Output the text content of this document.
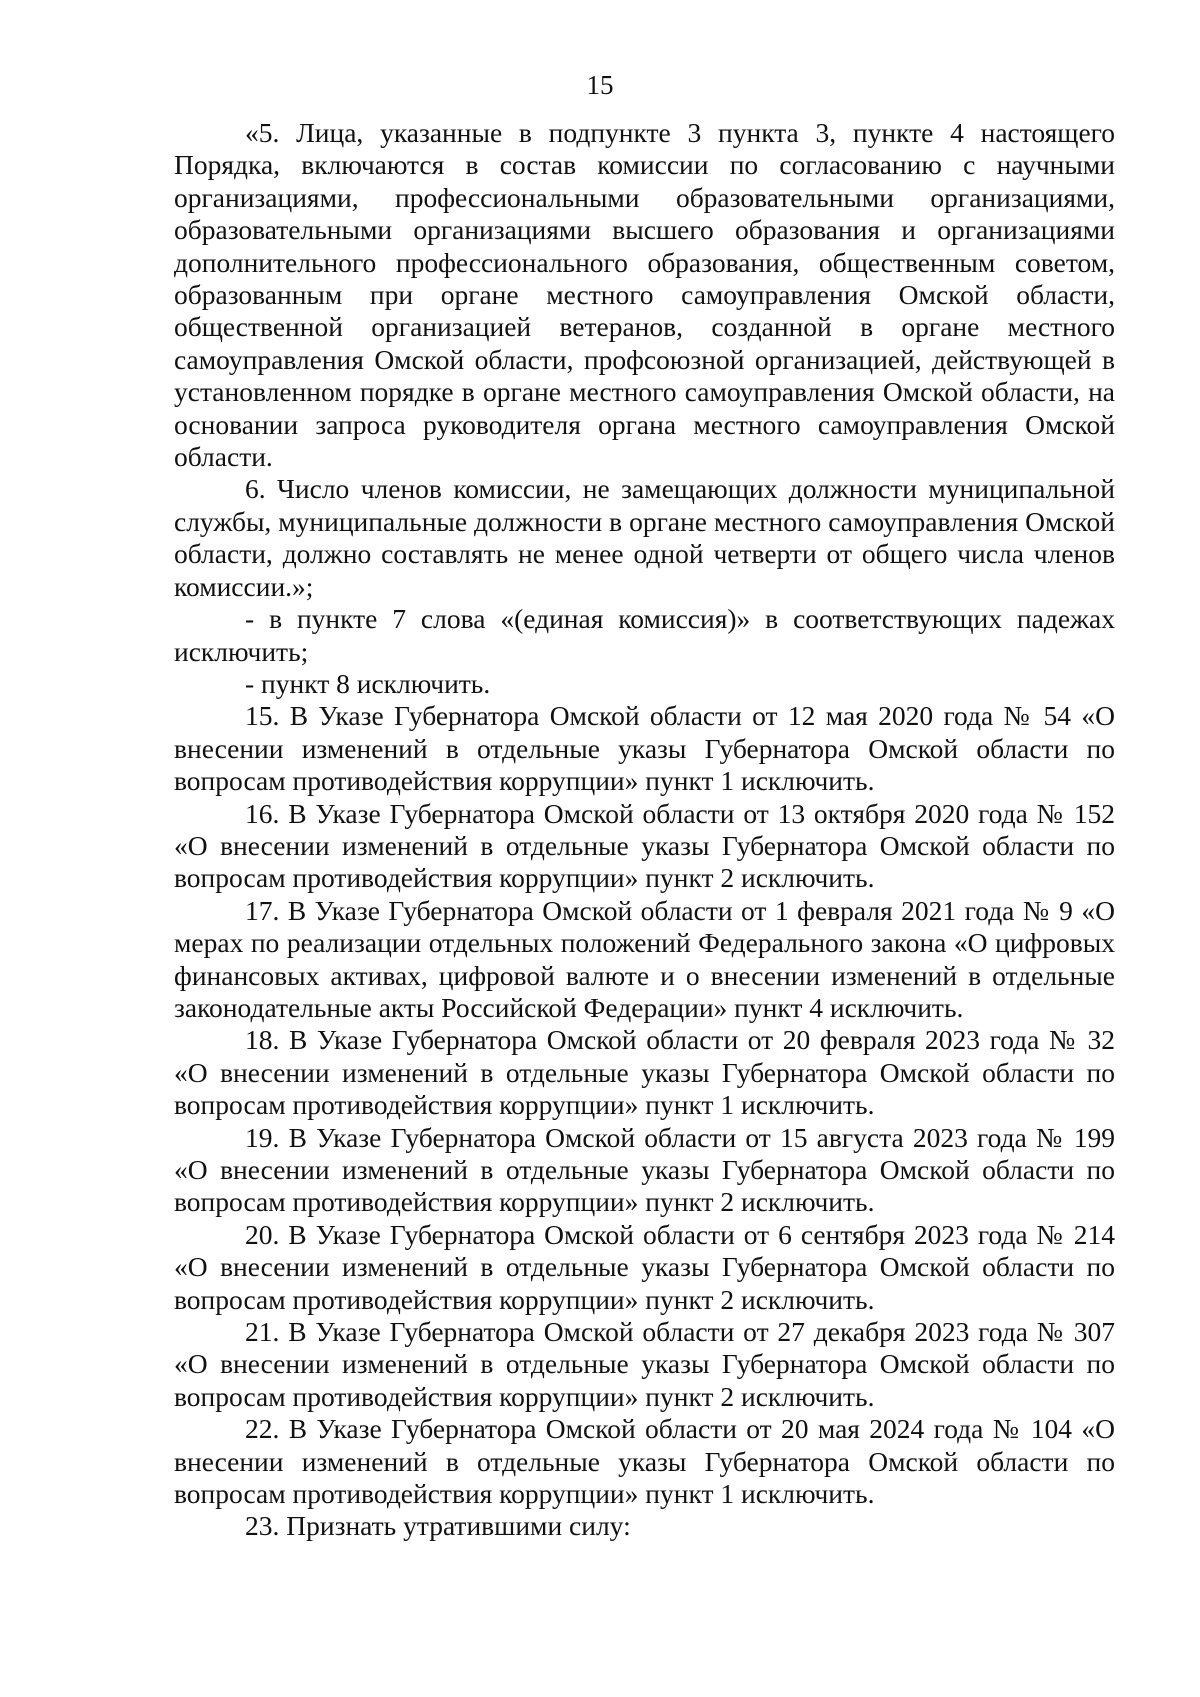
15

«5. Лица, указанные в подпункте 3 пункта 3, пункте 4 настоящего Порядка, включаются в состав комиссии по согласованию с научными организациями, профессиональными образовательными организациями, образовательными организациями высшего образования и организациями дополнительного профессионального образования, общественным советом, образованным при органе местного самоуправления Омской области, общественной организацией ветеранов, созданной в органе местного самоуправления Омской области, профсоюзной организацией, действующей в установленном порядке в органе местного самоуправления Омской области, на основании запроса руководителя органа местного самоуправления Омской области.

6. Число членов комиссии, не замещающих должности муниципальной службы, муниципальные должности в органе местного самоуправления Омской области, должно составлять не менее одной четверти от общего числа членов комиссии.»;

- в пункте 7 слова «(единая комиссия)» в соответствующих падежах исключить;

- пункт 8 исключить.

15. В Указе Губернатора Омской области от 12 мая 2020 года № 54 «О внесении изменений в отдельные указы Губернатора Омской области по вопросам противодействия коррупции» пункт 1 исключить.

16. В Указе Губернатора Омской области от 13 октября 2020 года № 152 «О внесении изменений в отдельные указы Губернатора Омской области по вопросам противодействия коррупции» пункт 2 исключить.

17. В Указе Губернатора Омской области от 1 февраля 2021 года № 9 «О мерах по реализации отдельных положений Федерального закона «О цифровых финансовых активах, цифровой валюте и о внесении изменений в отдельные законодательные акты Российской Федерации» пункт 4 исключить.

18. В Указе Губернатора Омской области от 20 февраля 2023 года № 32 «О внесении изменений в отдельные указы Губернатора Омской области по вопросам противодействия коррупции» пункт 1 исключить.

19. В Указе Губернатора Омской области от 15 августа 2023 года № 199 «О внесении изменений в отдельные указы Губернатора Омской области по вопросам противодействия коррупции» пункт 2 исключить.

20. В Указе Губернатора Омской области от 6 сентября 2023 года № 214 «О внесении изменений в отдельные указы Губернатора Омской области по вопросам противодействия коррупции» пункт 2 исключить.

21. В Указе Губернатора Омской области от 27 декабря 2023 года № 307 «О внесении изменений в отдельные указы Губернатора Омской области по вопросам противодействия коррупции» пункт 2 исключить.

22. В Указе Губернатора Омской области от 20 мая 2024 года № 104 «О внесении изменений в отдельные указы Губернатора Омской области по вопросам противодействия коррупции» пункт 1 исключить.

23. Признать утратившими силу:
